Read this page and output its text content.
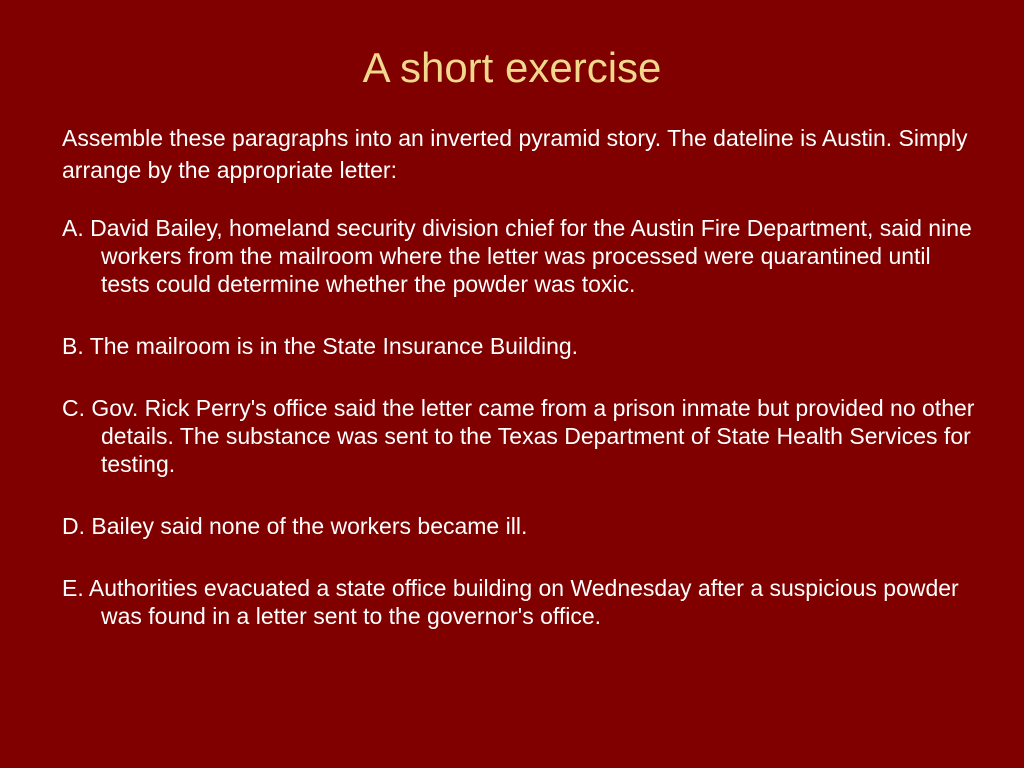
A short exercise

Assemble these paragraphs into an inverted pyramid story. The dateline is Austin. Simply arrange by the appropriate letter:

A. David Bailey, homeland security division chief for the Austin Fire Department, said nine workers from the mailroom where the letter was processed were quarantined until tests could determine whether the powder was toxic.
B. The mailroom is in the State Insurance Building.
C. Gov. Rick Perry's office said the letter came from a prison inmate but provided no other details. The substance was sent to the Texas Department of State Health Services for testing.
D. Bailey said none of the workers became ill.
E. Authorities evacuated a state office building on Wednesday after a suspicious powder was found in a letter sent to the governor's office.
